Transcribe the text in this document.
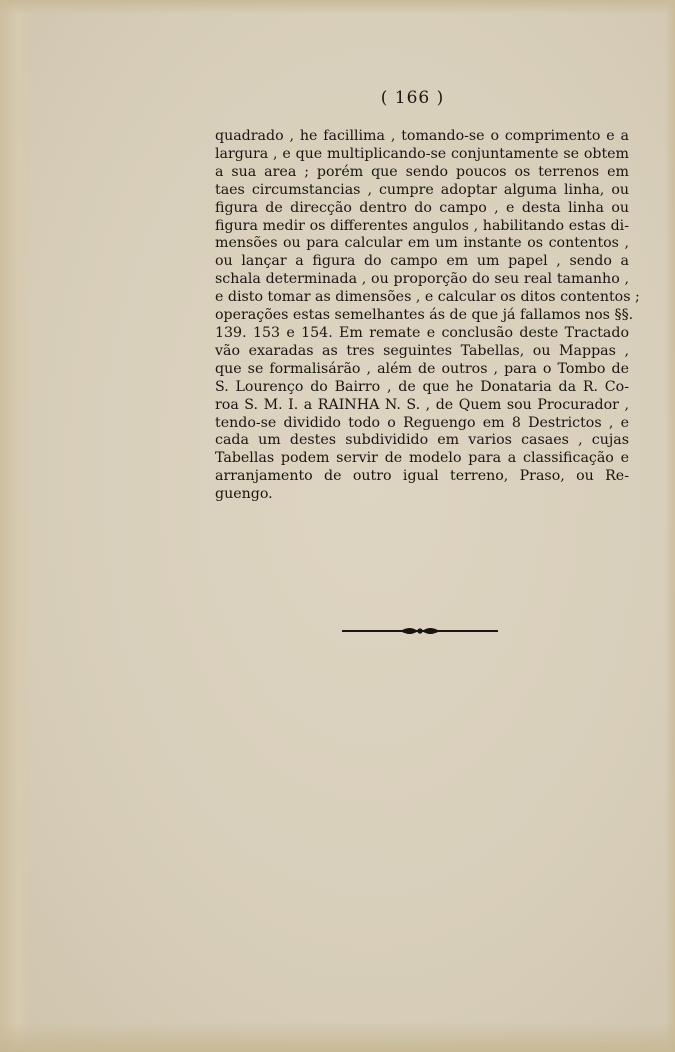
( 166 )
quadrado , he facillima , tomando-se o comprimento e a
largura , e que multiplicando-se conjuntamente se obtem
a sua area ; porém que sendo poucos os terrenos em
taes circumstancias , cumpre adoptar alguma linha, ou
figura de direcção dentro do campo , e desta linha ou
figura medir os differentes angulos , habilitando estas di-
mensões ou para calcular em um instante os contentos ,
ou lançar a figura do campo em um papel , sendo a
schala determinada , ou proporção do seu real tamanho ,
e disto tomar as dimensões , e calcular os ditos contentos ;
operações estas semelhantes ás de que já fallamos nos §§.
139. 153 e 154. Em remate e conclusão deste Tractado
vão exaradas as tres seguintes Tabellas, ou Mappas ,
que se formalisárão , além de outros , para o Tombo de
S. Lourenço do Bairro , de que he Donataria da R. Co-
roa S. M. I. a RAINHA N. S. , de Quem sou Procurador ,
tendo-se dividido todo o Reguengo em 8 Destrictos , e
cada um destes subdividido em varios casaes , cujas
Tabellas podem servir de modelo para a classificação e
arranjamento de outro igual terreno, Praso, ou Re-
guengo.
